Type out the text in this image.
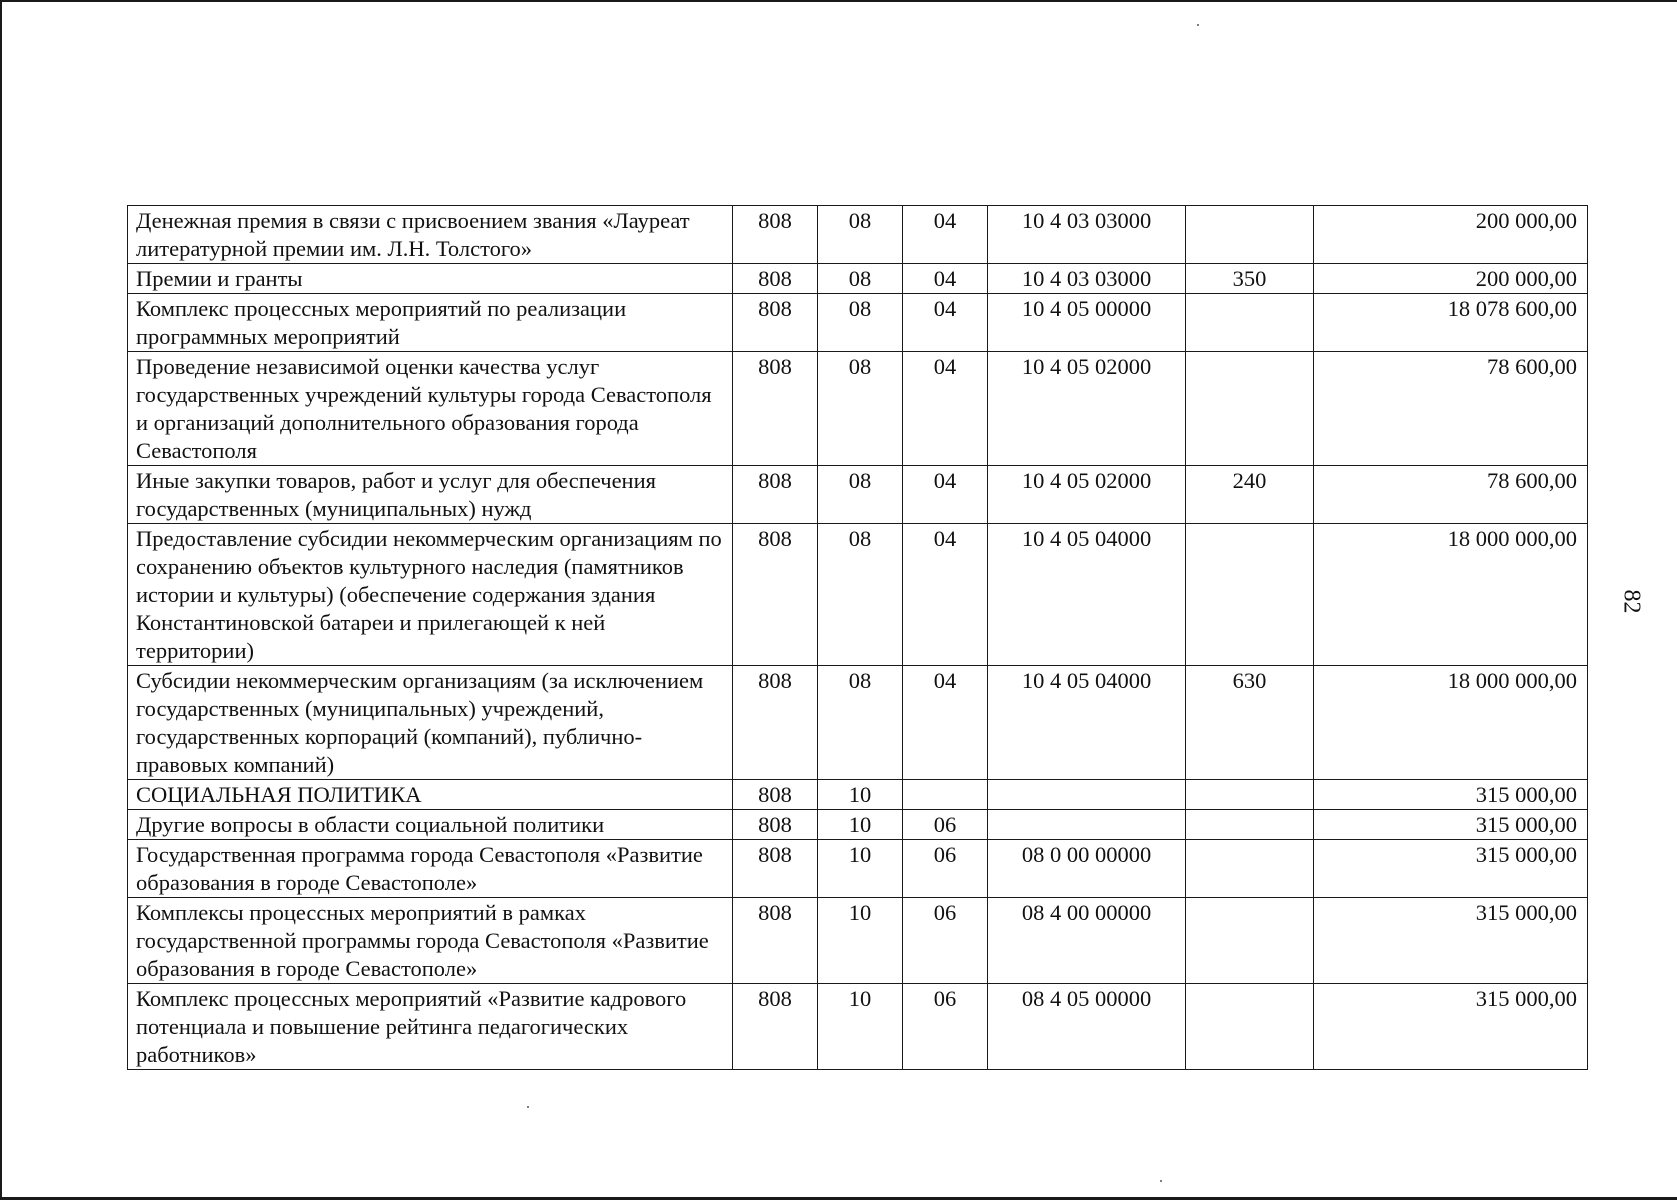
Денежная премия в связи с присвоением звания «Лауреат литературной премии им. Л.Н. Толстого»	808	08	04	10 4 03 03000		200 000,00
Премии и гранты	808	08	04	10 4 03 03000	350	200 000,00
Комплекс процессных мероприятий по реализации программных мероприятий	808	08	04	10 4 05 00000		18 078 600,00
Проведение независимой оценки качества услуг государственных учреждений культуры города Севастополя и организаций дополнительного образования города Севастополя	808	08	04	10 4 05 02000		78 600,00
Иные закупки товаров, работ и услуг для обеспечения государственных (муниципальных) нужд	808	08	04	10 4 05 02000	240	78 600,00
Предоставление субсидии некоммерческим организациям по сохранению объектов культурного наследия (памятников истории и культуры) (обеспечение содержания здания Константиновской батареи и прилегающей к ней территории)	808	08	04	10 4 05 04000		18 000 000,00
Субсидии некоммерческим организациям (за исключением государственных (муниципальных) учреждений, государственных корпораций (компаний), публично-правовых компаний)	808	08	04	10 4 05 04000	630	18 000 000,00
СОЦИАЛЬНАЯ ПОЛИТИКА	808	10				315 000,00
Другие вопросы в области социальной политики	808	10	06			315 000,00
Государственная программа города Севастополя «Развитие образования в городе Севастополе»	808	10	06	08 0 00 00000		315 000,00
Комплексы процессных мероприятий в рамках государственной программы города Севастополя «Развитие образования в городе Севастополе»	808	10	06	08 4 00 00000		315 000,00
Комплекс процессных мероприятий «Развитие кадрового потенциала и повышение рейтинга педагогических работников»	808	10	06	08 4 05 00000		315 000,00
82
